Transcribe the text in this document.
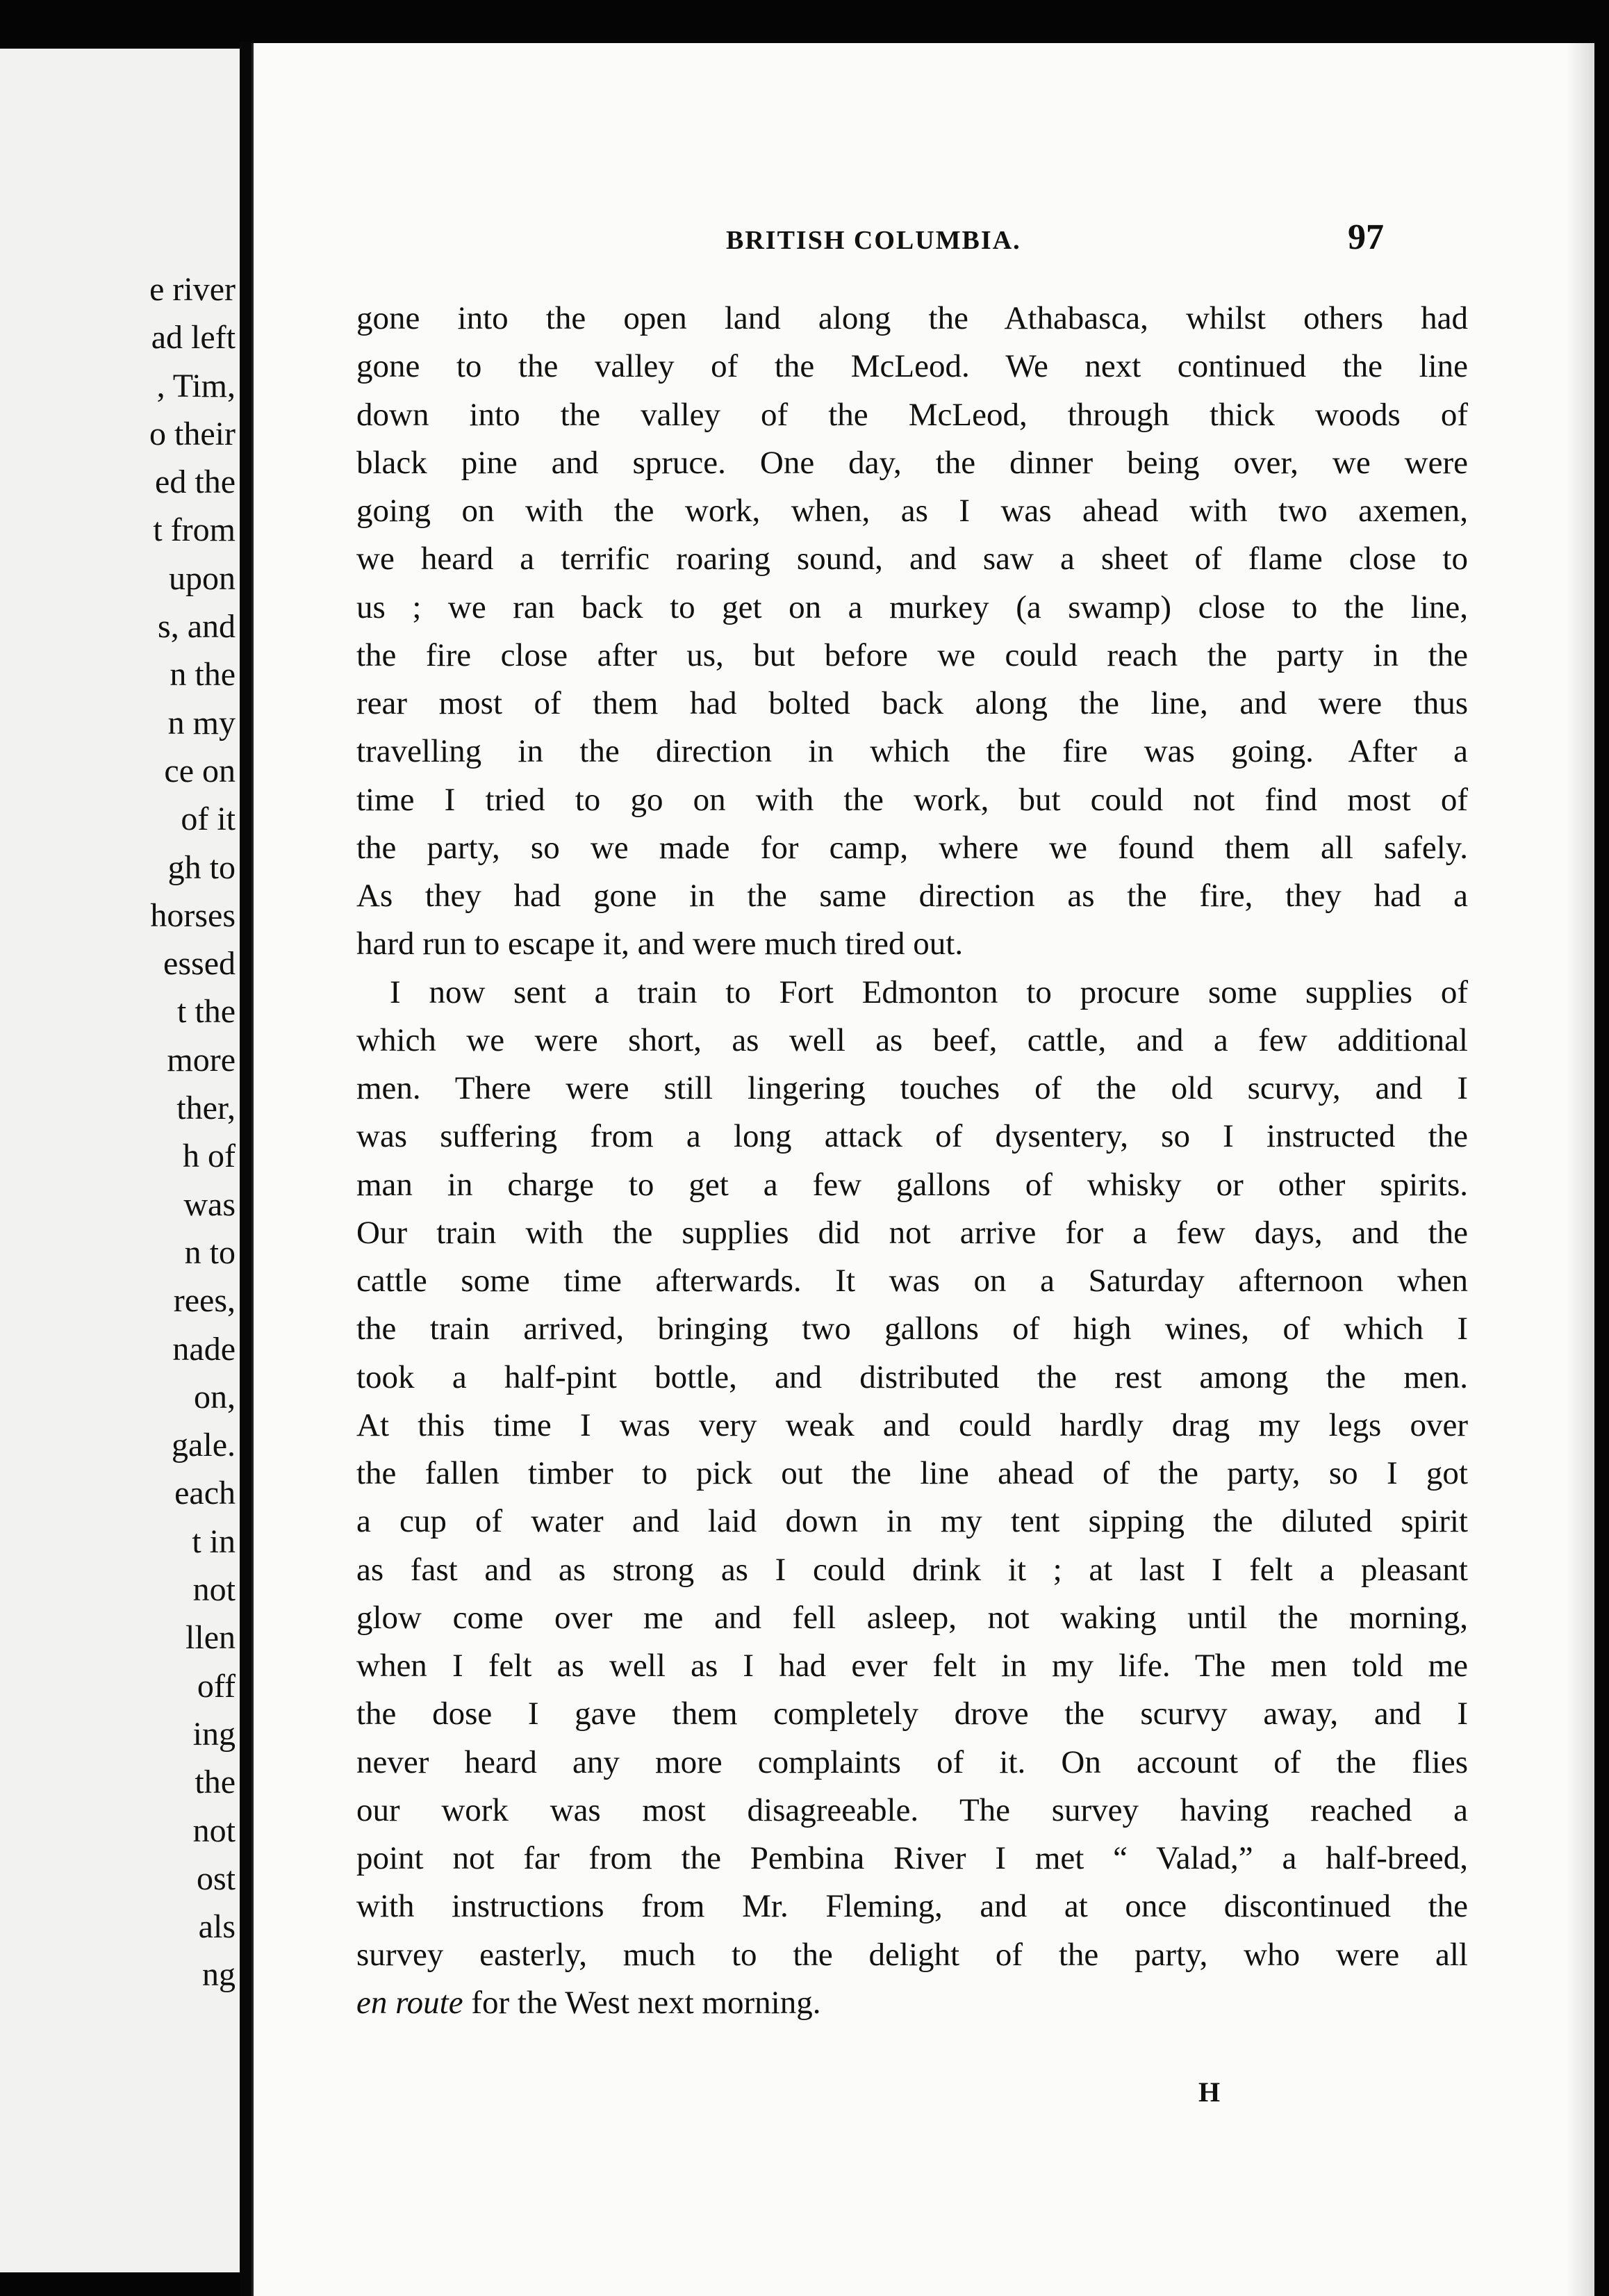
e river
ad left
, Tim,
o their
ed the
t from
upon
s, and
n the
n my
ce on
of it
gh to
horses
essed
t the
more
ther,
h of
was
n to
rees,
nade
on,
gale.
each
t in
not
llen
off
ing
the
not
ost
als
ng
BRITISH COLUMBIA.	97
gone into the open land along the Athabasca, whilst others had
gone to the valley of the McLeod. We next continued the line
down into the valley of the McLeod, through thick woods of
black pine and spruce. One day, the dinner being over, we were
going on with the work, when, as I was ahead with two axemen,
we heard a terrific roaring sound, and saw a sheet of flame close to
us ; we ran back to get on a murkey (a swamp) close to the line,
the fire close after us, but before we could reach the party in the
rear most of them had bolted back along the line, and were thus
travelling in the direction in which the fire was going. After a
time I tried to go on with the work, but could not find most of
the party, so we made for camp, where we found them all safely.
As they had gone in the same direction as the fire, they had a
hard run to escape it, and were much tired out.
I now sent a train to Fort Edmonton to procure some supplies of
which we were short, as well as beef, cattle, and a few additional
men. There were still lingering touches of the old scurvy, and I
was suffering from a long attack of dysentery, so I instructed the
man in charge to get a few gallons of whisky or other spirits.
Our train with the supplies did not arrive for a few days, and the
cattle some time afterwards. It was on a Saturday afternoon when
the train arrived, bringing two gallons of high wines, of which I
took a half-pint bottle, and distributed the rest among the men.
At this time I was very weak and could hardly drag my legs over
the fallen timber to pick out the line ahead of the party, so I got
a cup of water and laid down in my tent sipping the diluted spirit
as fast and as strong as I could drink it ; at last I felt a pleasant
glow come over me and fell asleep, not waking until the morning,
when I felt as well as I had ever felt in my life. The men told me
the dose I gave them completely drove the scurvy away, and I
never heard any more complaints of it. On account of the flies
our work was most disagreeable. The survey having reached a
point not far from the Pembina River I met “ Valad,” a half-breed,
with instructions from Mr. Fleming, and at once discontinued the
survey easterly, much to the delight of the party, who were all
en route for the West next morning.
H
